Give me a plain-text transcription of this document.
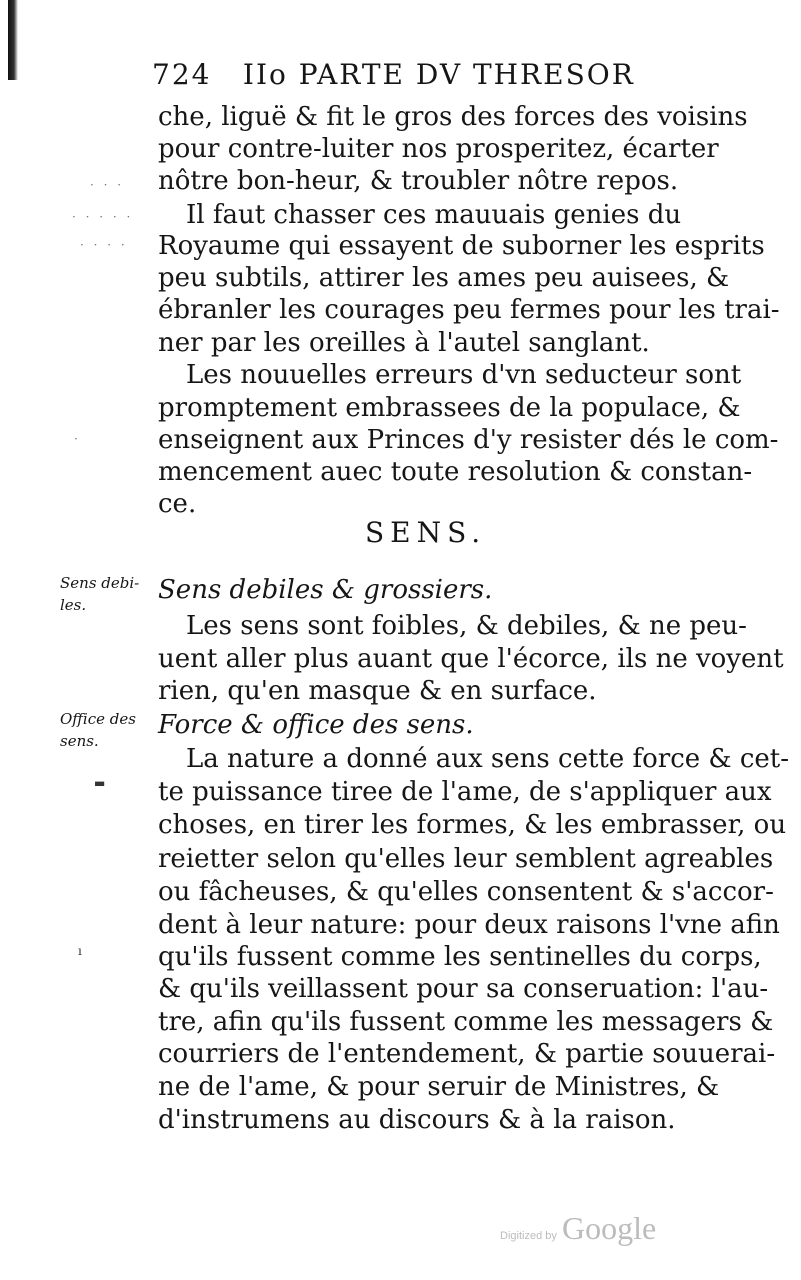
724 IIo PARTE DV THRESOR
che, liguë & fit le gros des forces des voisins
pour contre-luiter nos prosperitez, écarter
nôtre bon-heur, & troubler nôtre repos.
Il faut chasser ces mauuais genies du
Royaume qui essayent de suborner les esprits
peu subtils, attirer les ames peu auisees, &
ébranler les courages peu fermes pour les trai-
ner par les oreilles à l'autel sanglant.
Les nouuelles erreurs d'vn seducteur sont
promptement embrassees de la populace, &
enseignent aux Princes d'y resister dés le com-
mencement auec toute resolution & constan-
ce.
SENS.
Sens debi-
les.	Sens debiles & grossiers.
Les sens sont foibles, & debiles, & ne peu-
uent aller plus auant que l'écorce, ils ne voyent
rien, qu'en masque & en surface.
Office des
sens.
Force & office des sens.
La nature a donné aux sens cette force & cet-
te puissance tiree de l'ame, de s'appliquer aux
choses, en tirer les formes, & les embrasser, ou
reietter selon qu'elles leur semblent agreables
ou fâcheuses, & qu'elles consentent & s'accor-
dent à leur nature: pour deux raisons l'vne afin
qu'ils fussent comme les sentinelles du corps,
& qu'ils veillassent pour sa conseruation: l'au-
tre, afin qu'ils fussent comme les messagers &
courriers de l'entendement, & partie souuerai-
ne de l'ame, & pour seruir de Ministres, &
d'instrumens au discours & à la raison.
· · ·
· · · · ·
· · · ·
·
▬
ı
Digitized by Google
